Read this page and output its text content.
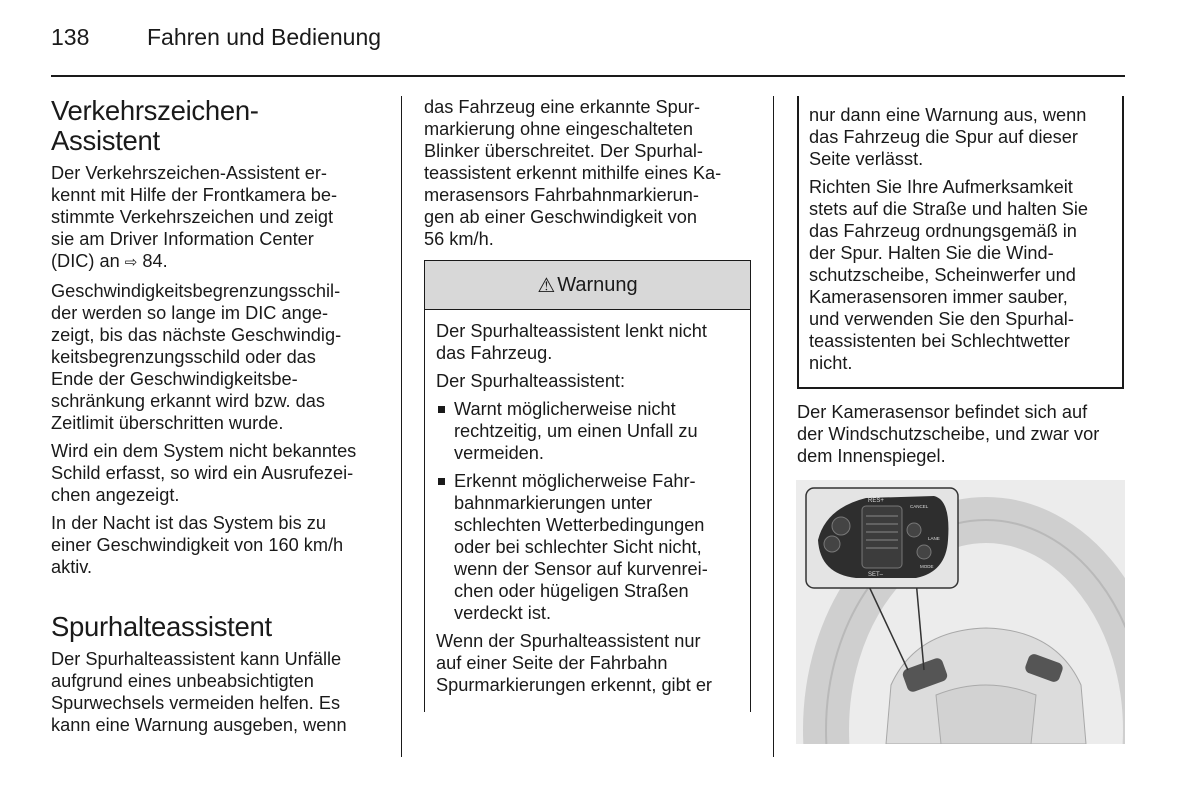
138	Fahren und Bedienung
Verkehrszeichen-
Assistent

Der Verkehrszeichen-Assistent er-
kennt mit Hilfe der Frontkamera be-
stimmte Verkehrszeichen und zeigt
sie am Driver Information Center
(DIC) an ⇨ 84.

Geschwindigkeitsbegrenzungsschil-
der werden so lange im DIC ange-
zeigt, bis das nächste Geschwindig-
keitsbegrenzungsschild oder das
Ende der Geschwindigkeitsbe-
schränkung erkannt wird bzw. das
Zeitlimit überschritten wurde.

Wird ein dem System nicht bekanntes
Schild erfasst, so wird ein Ausrufezei-
chen angezeigt.

In der Nacht ist das System bis zu
einer Geschwindigkeit von 160 km/h
aktiv.

Spurhalteassistent

Der Spurhalteassistent kann Unfälle
aufgrund eines unbeabsichtigten
Spurwechsels vermeiden helfen. Es
kann eine Warnung ausgeben, wenn

das Fahrzeug eine erkannte Spur-
markierung ohne eingeschalteten
Blinker überschreitet. Der Spurhal-
teassistent erkennt mithilfe eines Ka-
merasensors Fahrbahnmarkierun-
gen ab einer Geschwindigkeit von
56 km/h.

⚠ Warnung

Der Spurhalteassistent lenkt nicht
das Fahrzeug.

Der Spurhalteassistent:

Warnt möglicherweise nicht
rechtzeitig, um einen Unfall zu
vermeiden.
Erkennt möglicherweise Fahr-
bahnmarkierungen unter
schlechten Wetterbedingungen
oder bei schlechter Sicht nicht,
wenn der Sensor auf kurvenrei-
chen oder hügeligen Straßen
verdeckt ist.

Wenn der Spurhalteassistent nur
auf einer Seite der Fahrbahn
Spurmarkierungen erkennt, gibt er

nur dann eine Warnung aus, wenn
das Fahrzeug die Spur auf dieser
Seite verlässt.

Richten Sie Ihre Aufmerksamkeit
stets auf die Straße und halten Sie
das Fahrzeug ordnungsgemäß in
der Spur. Halten Sie die Wind-
schutzscheibe, Scheinwerfer und
Kamerasensoren immer sauber,
und verwenden Sie den Spurhal-
teassistenten bei Schlechtwetter
nicht.

Der Kamerasensor befindet sich auf
der Windschutzscheibe, und zwar vor
dem Innenspiegel.
RES+
SET–
CANCEL
MODE
LANE
